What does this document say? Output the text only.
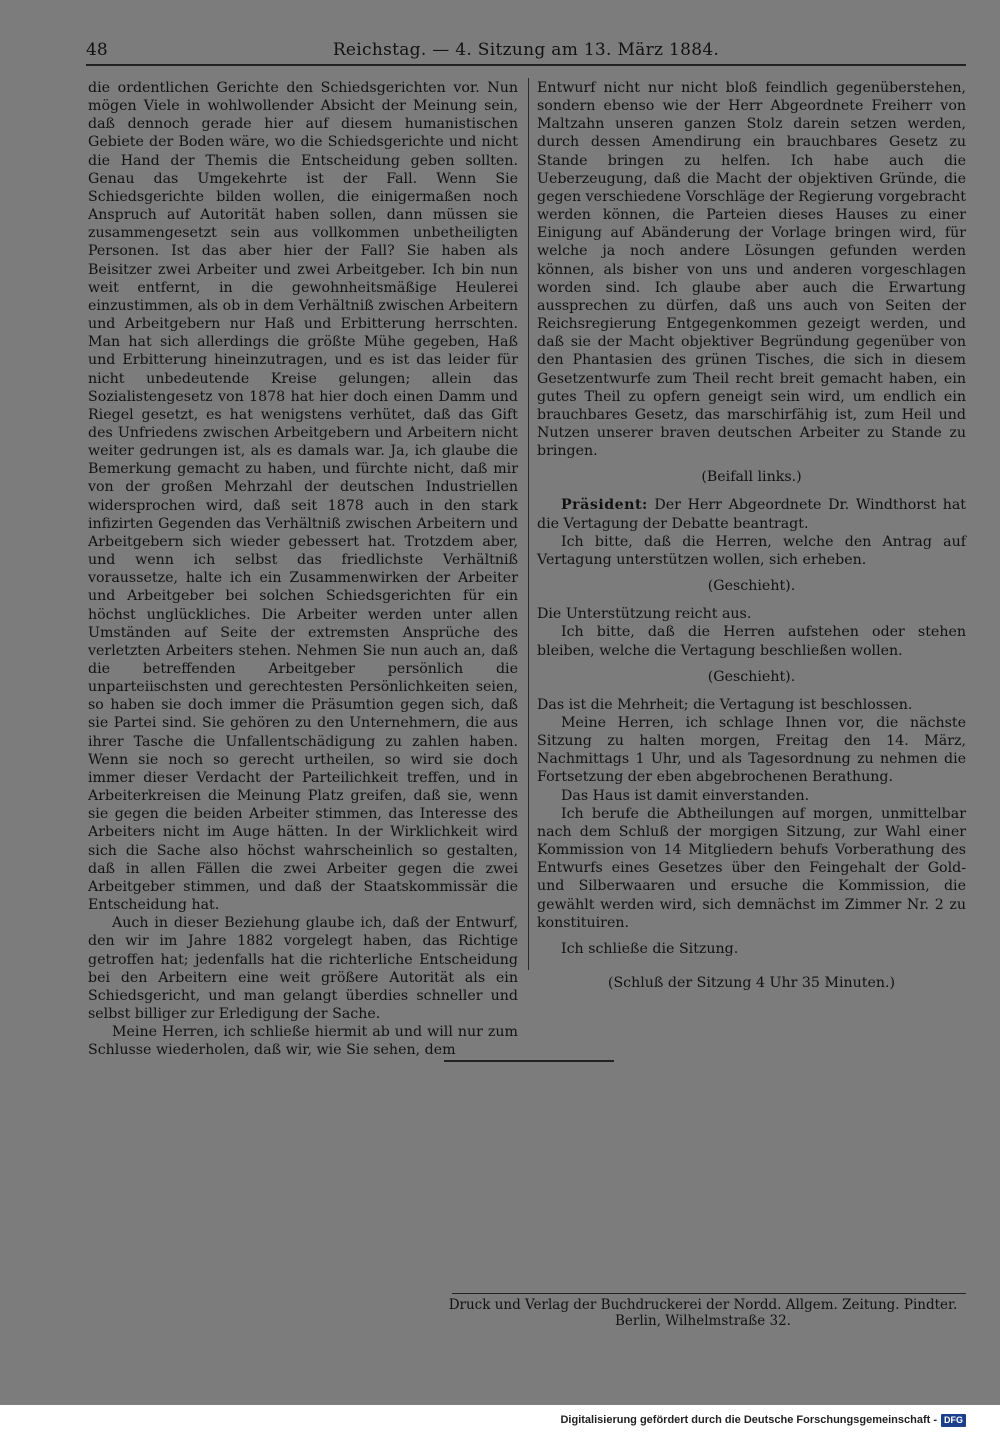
48	Reichstag. — 4. Sitzung am 13. März 1884.

die ordentlichen Gerichte den Schiedsgerichten vor. Nun mögen Viele in wohlwollender Absicht der Meinung sein, daß dennoch gerade hier auf diesem humanistischen Gebiete der Boden wäre, wo die Schiedsgerichte und nicht die Hand der Themis die Entscheidung geben sollten. Genau das Umgekehrte ist der Fall. Wenn Sie Schiedsgerichte bilden wollen, die einigermaßen noch Anspruch auf Autorität haben sollen, dann müssen sie zusammengesetzt sein aus vollkommen unbetheiligten Personen. Ist das aber hier der Fall? Sie haben als Beisitzer zwei Arbeiter und zwei Arbeitgeber. Ich bin nun weit entfernt, in die gewohnheitsmäßige Heulerei einzustimmen, als ob in dem Verhältniß zwischen Arbeitern und Arbeitgebern nur Haß und Erbitterung herrschten. Man hat sich allerdings die größte Mühe gegeben, Haß und Erbitterung hineinzutragen, und es ist das leider für nicht unbedeutende Kreise gelungen; allein das Sozialistengesetz von 1878 hat hier doch einen Damm und Riegel gesetzt, es hat wenigstens verhütet, daß das Gift des Unfriedens zwischen Arbeitgebern und Arbeitern nicht weiter gedrungen ist, als es damals war. Ja, ich glaube die Bemerkung gemacht zu haben, und fürchte nicht, daß mir von der großen Mehrzahl der deutschen Industriellen widersprochen wird, daß seit 1878 auch in den stark infizirten Gegenden das Verhältniß zwischen Arbeitern und Arbeitgebern sich wieder gebessert hat. Trotzdem aber, und wenn ich selbst das friedlichste Verhältniß voraussetze, halte ich ein Zusammenwirken der Arbeiter und Arbeitgeber bei solchen Schiedsgerichten für ein höchst unglückliches. Die Arbeiter werden unter allen Umständen auf Seite der extremsten Ansprüche des verletzten Arbeiters stehen. Nehmen Sie nun auch an, daß die betreffenden Arbeitgeber persönlich die unparteiischsten und gerechtesten Persönlichkeiten seien, so haben sie doch immer die Präsumtion gegen sich, daß sie Partei sind. Sie gehören zu den Unternehmern, die aus ihrer Tasche die Unfallentschädigung zu zahlen haben. Wenn sie noch so gerecht urtheilen, so wird sie doch immer dieser Verdacht der Parteilichkeit treffen, und in Arbeiterkreisen die Meinung Platz greifen, daß sie, wenn sie gegen die beiden Arbeiter stimmen, das Interesse des Arbeiters nicht im Auge hätten. In der Wirklichkeit wird sich die Sache also höchst wahrscheinlich so gestalten, daß in allen Fällen die zwei Arbeiter gegen die zwei Arbeitgeber stimmen, und daß der Staatskommissär die Entscheidung hat.

Auch in dieser Beziehung glaube ich, daß der Entwurf, den wir im Jahre 1882 vorgelegt haben, das Richtige getroffen hat; jedenfalls hat die richterliche Entscheidung bei den Arbeitern eine weit größere Autorität als ein Schiedsgericht, und man gelangt überdies schneller und selbst billiger zur Erledigung der Sache.

Meine Herren, ich schließe hiermit ab und will nur zum Schlusse wiederholen, daß wir, wie Sie sehen, dem

Entwurf nicht nur nicht bloß feindlich gegenüberstehen, sondern ebenso wie der Herr Abgeordnete Freiherr von Maltzahn unseren ganzen Stolz darein setzen werden, durch dessen Amendirung ein brauchbares Gesetz zu Stande bringen zu helfen. Ich habe auch die Ueberzeugung, daß die Macht der objektiven Gründe, die gegen verschiedene Vorschläge der Regierung vorgebracht werden können, die Parteien dieses Hauses zu einer Einigung auf Abänderung der Vorlage bringen wird, für welche ja noch andere Lösungen gefunden werden können, als bisher von uns und anderen vorgeschlagen worden sind. Ich glaube aber auch die Erwartung aussprechen zu dürfen, daß uns auch von Seiten der Reichsregierung Entgegenkommen gezeigt werden, und daß sie der Macht objektiver Begründung gegenüber von den Phantasien des grünen Tisches, die sich in diesem Gesetzentwurfe zum Theil recht breit gemacht haben, ein gutes Theil zu opfern geneigt sein wird, um endlich ein brauchbares Gesetz, das marschirfähig ist, zum Heil und Nutzen unserer braven deutschen Arbeiter zu Stande zu bringen.

(Beifall links.)

Präsident: Der Herr Abgeordnete Dr. Windthorst hat die Vertagung der Debatte beantragt.

Ich bitte, daß die Herren, welche den Antrag auf Vertagung unterstützen wollen, sich erheben.

(Geschieht).

Die Unterstützung reicht aus.

Ich bitte, daß die Herren aufstehen oder stehen bleiben, welche die Vertagung beschließen wollen.

(Geschieht).

Das ist die Mehrheit; die Vertagung ist beschlossen.

Meine Herren, ich schlage Ihnen vor, die nächste Sitzung zu halten morgen, Freitag den 14. März, Nachmittags 1 Uhr, und als Tagesordnung zu nehmen die Fortsetzung der eben abgebrochenen Berathung.

Das Haus ist damit einverstanden.

Ich berufe die Abtheilungen auf morgen, unmittelbar nach dem Schluß der morgigen Sitzung, zur Wahl einer Kommission von 14 Mitgliedern behufs Vorberathung des Entwurfs eines Gesetzes über den Feingehalt der Gold- und Silberwaaren und ersuche die Kommission, die gewählt werden wird, sich demnächst im Zimmer Nr. 2 zu konstituiren.

Ich schließe die Sitzung.

(Schluß der Sitzung 4 Uhr 35 Minuten.)

Druck und Verlag der Buchdruckerei der Nordd. Allgem. Zeitung. Pindter.
Berlin, Wilhelmstraße 32.
Digitalisierung gefördert durch die Deutsche Forschungsgemeinschaft - DFG
